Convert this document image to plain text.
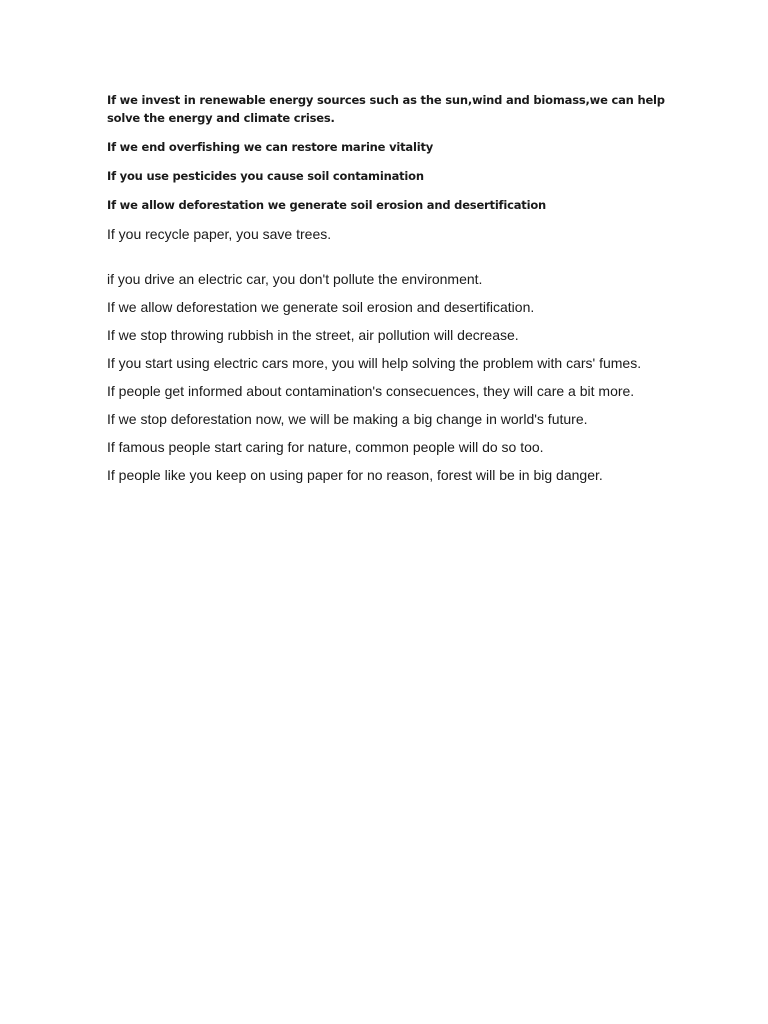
If we invest in renewable energy sources such as the sun,wind and biomass,we can help solve the energy and climate crises.

If we end overfishing we can restore marine vitality

If you use pesticides you cause soil contamination

If we allow deforestation we generate soil erosion and desertification

If you recycle paper, you save trees.

if you drive an electric car, you don't pollute the environment.

If we allow deforestation we generate soil erosion and desertification.

If we stop throwing rubbish in the street, air pollution will decrease.

If you start using electric cars more, you will help solving the problem with cars' fumes.

If people get informed about contamination's consecuences, they will care a bit more.

If we stop deforestation now, we will be making a big change in world's future.

If famous people start caring for nature, common people will do so too.

If people like you keep on using paper for no reason, forest will be in big danger.
